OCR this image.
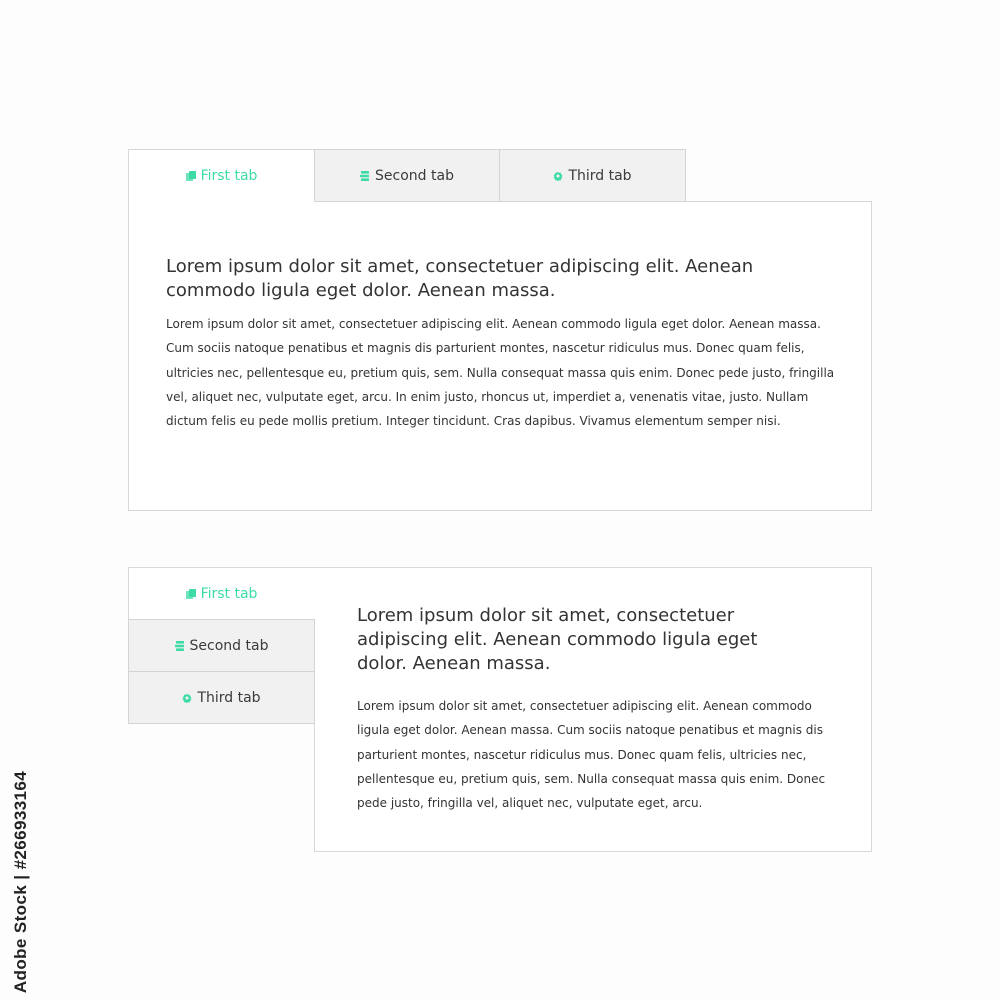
First tab	Second tab	Third tab
Lorem ipsum dolor sit amet, consectetuer adipiscing elit. Aenean commodo ligula eget dolor. Aenean massa.

Lorem ipsum dolor sit amet, consectetuer adipiscing elit. Aenean commodo ligula eget dolor. Aenean massa. Cum sociis natoque penatibus et magnis dis parturient montes, nascetur ridiculus mus. Donec quam felis, ultricies nec, pellentesque eu, pretium quis, sem. Nulla consequat massa quis enim. Donec pede justo, fringilla vel, aliquet nec, vulputate eget, arcu. In enim justo, rhoncus ut, imperdiet a, venenatis vitae, justo. Nullam dictum felis eu pede mollis pretium. Integer tincidunt. Cras dapibus. Vivamus elementum semper nisi.

First tab
Second tab
Third tab
Lorem ipsum dolor sit amet, consectetuer adipiscing elit. Aenean commodo ligula eget dolor. Aenean massa.

Lorem ipsum dolor sit amet, consectetuer adipiscing elit. Aenean commodo ligula eget dolor. Aenean massa. Cum sociis natoque penatibus et magnis dis parturient montes, nascetur ridiculus mus. Donec quam felis, ultricies nec, pellentesque eu, pretium quis, sem. Nulla consequat massa quis enim. Donec pede justo, fringilla vel, aliquet nec, vulputate eget, arcu.

Adobe Stock | #266933164
